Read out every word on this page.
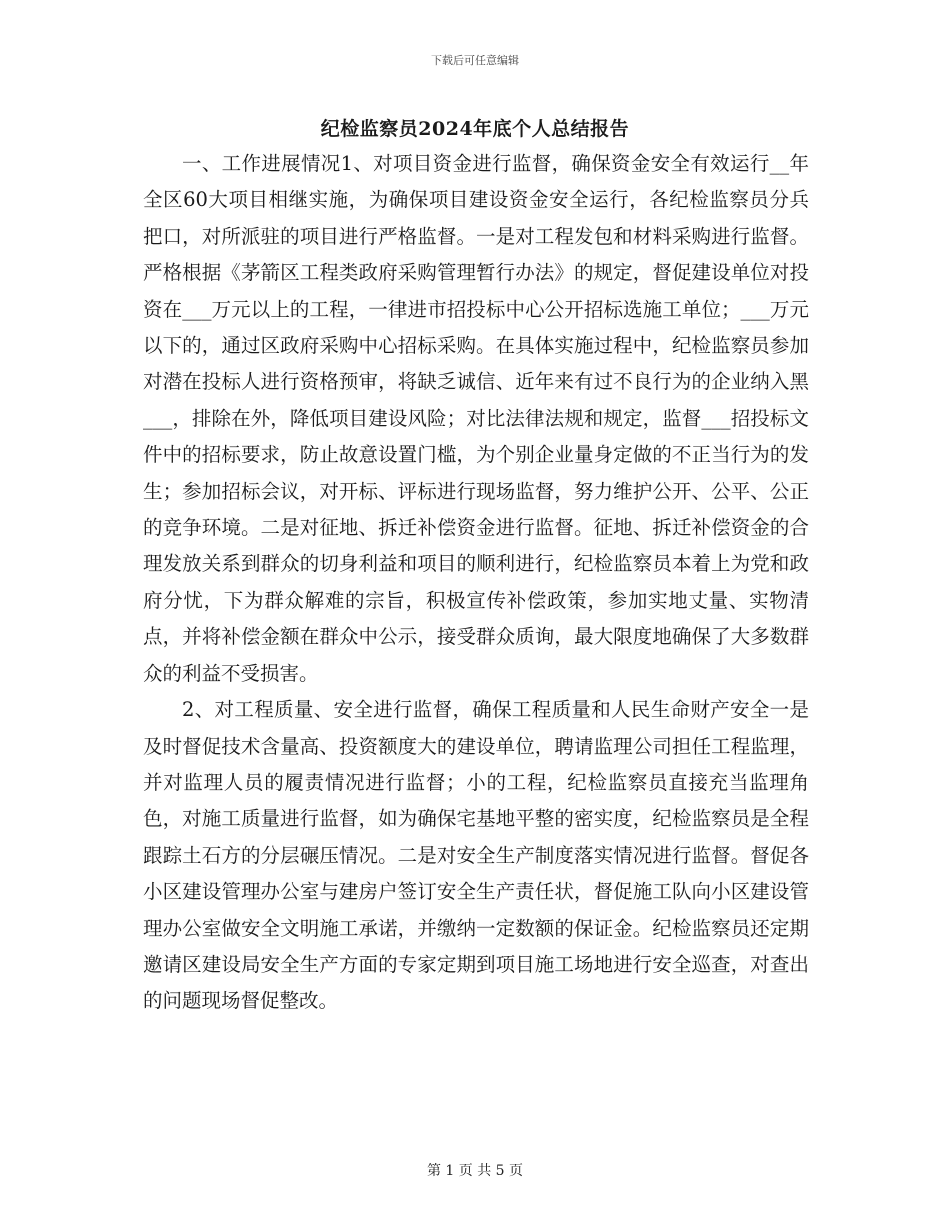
下载后可任意编辑
纪检监察员2024年底个人总结报告

一、工作进展情况1、对项目资金进行监督，确保资金安全有效运行__年全区60大项目相继实施，为确保项目建设资金安全运行，各纪检监察员分兵把口，对所派驻的项目进行严格监督。一是对工程发包和材料采购进行监督。严格根据《茅箭区工程类政府采购管理暂行办法》的规定，督促建设单位对投资在___万元以上的工程，一律进市招投标中心公开招标选施工单位；___万元以下的，通过区政府采购中心招标采购。在具体实施过程中，纪检监察员参加对潜在投标人进行资格预审，将缺乏诚信、近年来有过不良行为的企业纳入黑___，排除在外，降低项目建设风险；对比法律法规和规定，监督___招投标文件中的招标要求，防止故意设置门槛，为个别企业量身定做的不正当行为的发生；参加招标会议，对开标、评标进行现场监督，努力维护公开、公平、公正的竞争环境。二是对征地、拆迁补偿资金进行监督。征地、拆迁补偿资金的合理发放关系到群众的切身利益和项目的顺利进行，纪检监察员本着上为党和政府分忧，下为群众解难的宗旨，积极宣传补偿政策，参加实地丈量、实物清点，并将补偿金额在群众中公示，接受群众质询，最大限度地确保了大多数群众的利益不受损害。

2、对工程质量、安全进行监督，确保工程质量和人民生命财产安全一是及时督促技术含量高、投资额度大的建设单位，聘请监理公司担任工程监理，并对监理人员的履责情况进行监督；小的工程，纪检监察员直接充当监理角色，对施工质量进行监督，如为确保宅基地平整的密实度，纪检监察员是全程跟踪土石方的分层碾压情况。二是对安全生产制度落实情况进行监督。督促各小区建设管理办公室与建房户签订安全生产责任状，督促施工队向小区建设管理办公室做安全文明施工承诺，并缴纳一定数额的保证金。纪检监察员还定期邀请区建设局安全生产方面的专家定期到项目施工场地进行安全巡查，对查出的问题现场督促整改。

第 1 页 共 5 页
